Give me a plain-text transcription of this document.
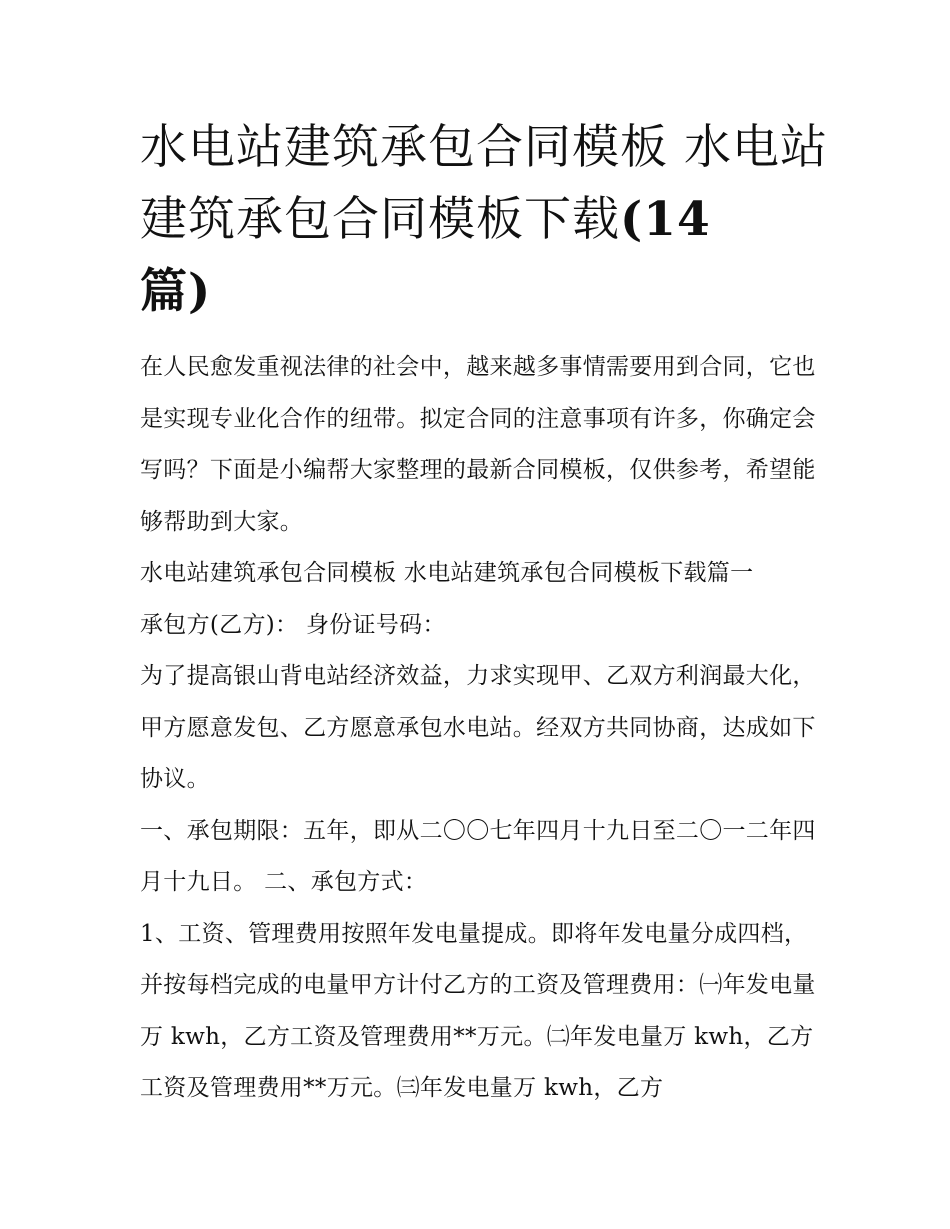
水电站建筑承包合同模板 水电站建筑承包合同模板下载(14
篇)

在人民愈发重视法律的社会中，越来越多事情需要用到合同，它也是实现专业化合作的纽带。拟定合同的注意事项有许多，你确定会写吗？下面是小编帮大家整理的最新合同模板，仅供参考，希望能够帮助到大家。

水电站建筑承包合同模板 水电站建筑承包合同模板下载篇一

承包方(乙方)： 身份证号码：

为了提高银山背电站经济效益，力求实现甲、乙双方利润最大化，甲方愿意发包、乙方愿意承包水电站。经双方共同协商，达成如下协议。

一、承包期限：五年，即从二〇〇七年四月十九日至二〇一二年四月十九日。 二、承包方式：

1、工资、管理费用按照年发电量提成。即将年发电量分成四档，并按每档完成的电量甲方计付乙方的工资及管理费用：㈠年发电量万 kwh，乙方工资及管理费用**万元。㈡年发电量万 kwh，乙方工资及管理费用**万元。㈢年发电量万 kwh，乙方
